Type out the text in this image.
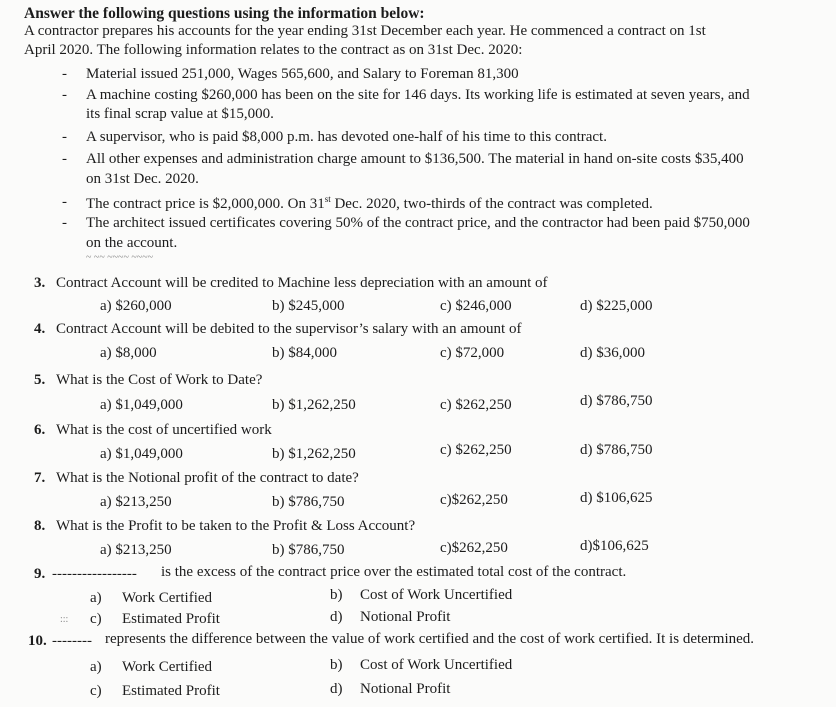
Answer the following questions using the information below:
A contractor prepares his accounts for the year ending 31st December each year. He commenced a contract on 1st
April 2020. The following information relates to the contract as on 31st Dec. 2020:
- Material issued 251,000, Wages 565,600, and Salary to Foreman 81,300
- A machine costing $260,000 has been on the site for 146 days. Its working life is estimated at seven years, and
its final scrap value at $15,000.
- A supervisor, who is paid $8,000 p.m. has devoted one-half of his time to this contract.
- All other expenses and administration charge amount to $136,500. The material in hand on-site costs $35,400
on 31st Dec. 2020.
- The contract price is $2,000,000. On 31st Dec. 2020, two-thirds of the contract was completed.
- The architect issued certificates covering 50% of the contract price, and the contractor had been paid $750,000
on the account.
~ ~~ ~~~~ ~~~~
3. Contract Account will be credited to Machine less depreciation with an amount of
a) $260,000	b) $245,000	c) $246,000	d) $225,000
4. Contract Account will be debited to the supervisor’s salary with an amount of
a) $8,000	b) $84,000	c) $72,000	d) $36,000
5. What is the Cost of Work to Date?
a) $1,049,000	b) $1,262,250	c) $262,250	d) $786,750
6. What is the cost of uncertified work
a) $1,049,000	b) $1,262,250	c) $262,250	d) $786,750
7. What is the Notional profit of the contract to date?
a) $213,250	b) $786,750	c)$262,250	d) $106,625
8. What is the Profit to be taken to the Profit & Loss Account?
a) $213,250	b) $786,750	c)$262,250	d)$106,625
9. ----------------- is the excess of the contract price over the estimated total cost of the contract.
a) Work Certified	b) Cost of Work Uncertified
::: c) Estimated Profit	d) Notional Profit
10. -------- represents the difference between the value of work certified and the cost of work certified. It is determined.
a) Work Certified	b) Cost of Work Uncertified
c) Estimated Profit	d) Notional Profit
